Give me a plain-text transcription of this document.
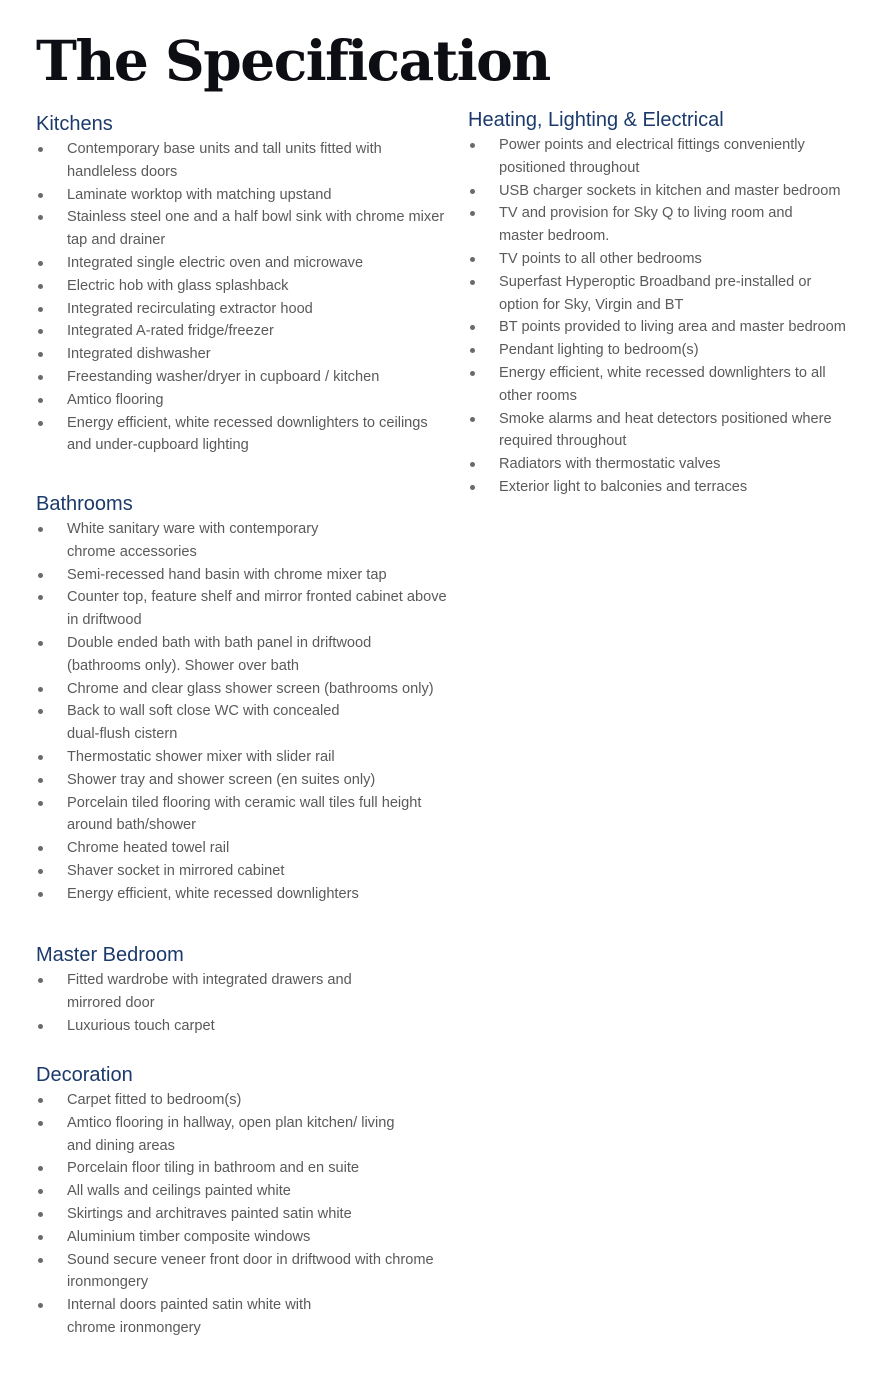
The Specification
Kitchens
Contemporary base units and tall units fitted with
handleless doors
Laminate worktop with matching upstand
Stainless steel one and a half bowl sink with chrome mixer
tap and drainer
Integrated single electric oven and microwave
Electric hob with glass splashback
Integrated recirculating extractor hood
Integrated A-rated fridge/freezer
Integrated dishwasher
Freestanding washer/dryer in cupboard / kitchen
Amtico flooring
Energy efficient, white recessed downlighters to ceilings
and under-cupboard lighting
Bathrooms
White sanitary ware with contemporary
chrome accessories
Semi-recessed hand basin with chrome mixer tap
Counter top, feature shelf and mirror fronted cabinet above
in driftwood
Double ended bath with bath panel in driftwood
(bathrooms only). Shower over bath
Chrome and clear glass shower screen (bathrooms only)
Back to wall soft close WC with concealed
dual-flush cistern
Thermostatic shower mixer with slider rail
Shower tray and shower screen (en suites only)
Porcelain tiled flooring with ceramic wall tiles full height
around bath/shower
Chrome heated towel rail
Shaver socket in mirrored cabinet
Energy efficient, white recessed downlighters
Master Bedroom
Fitted wardrobe with integrated drawers and
mirrored door
Luxurious touch carpet
Decoration
Carpet fitted to bedroom(s)
Amtico flooring in hallway, open plan kitchen/ living
and dining areas
Porcelain floor tiling in bathroom and en suite
All walls and ceilings painted white
Skirtings and architraves painted satin white
Aluminium timber composite windows
Sound secure veneer front door in driftwood with chrome
ironmongery
Internal doors painted satin white with
chrome ironmongery
Heating, Lighting & Electrical
Power points and electrical fittings conveniently
positioned throughout
USB charger sockets in kitchen and master bedroom
TV and provision for Sky Q to living room and
master bedroom.
TV points to all other bedrooms
Superfast Hyperoptic Broadband pre-installed or
option for Sky, Virgin and BT
BT points provided to living area and master bedroom
Pendant lighting to bedroom(s)
Energy efficient, white recessed downlighters to all
other rooms
Smoke alarms and heat detectors positioned where
required throughout
Radiators with thermostatic valves
Exterior light to balconies and terraces
